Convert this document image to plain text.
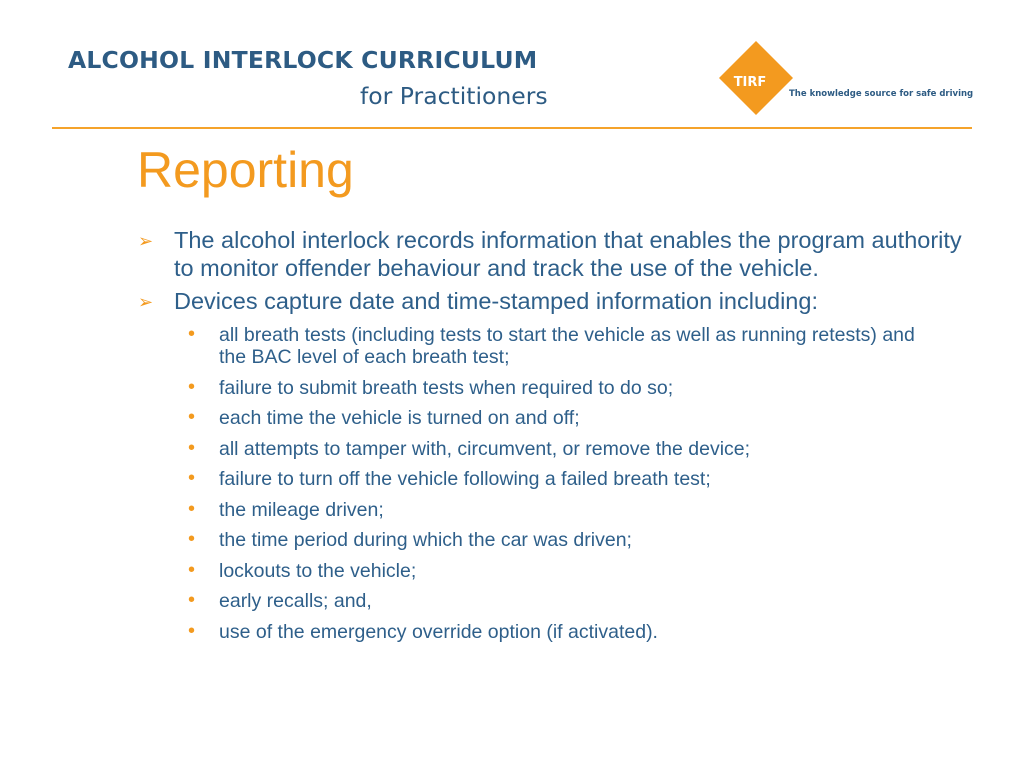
ALCOHOL INTERLOCK CURRICULUM
for Practitioners	TIRF
The knowledge source for safe driving
Reporting
➢ The alcohol interlock records information that enables the program authority to monitor offender behaviour and track the use of the vehicle.
➢ Devices capture date and time-stamped information including:
• all breath tests (including tests to start the vehicle as well as running retests) and the BAC level of each breath test;
• failure to submit breath tests when required to do so;
• each time the vehicle is turned on and off;
• all attempts to tamper with, circumvent, or remove the device;
• failure to turn off the vehicle following a failed breath test;
• the mileage driven;
• the time period during which the car was driven;
• lockouts to the vehicle;
• early recalls; and,
• use of the emergency override option (if activated).
